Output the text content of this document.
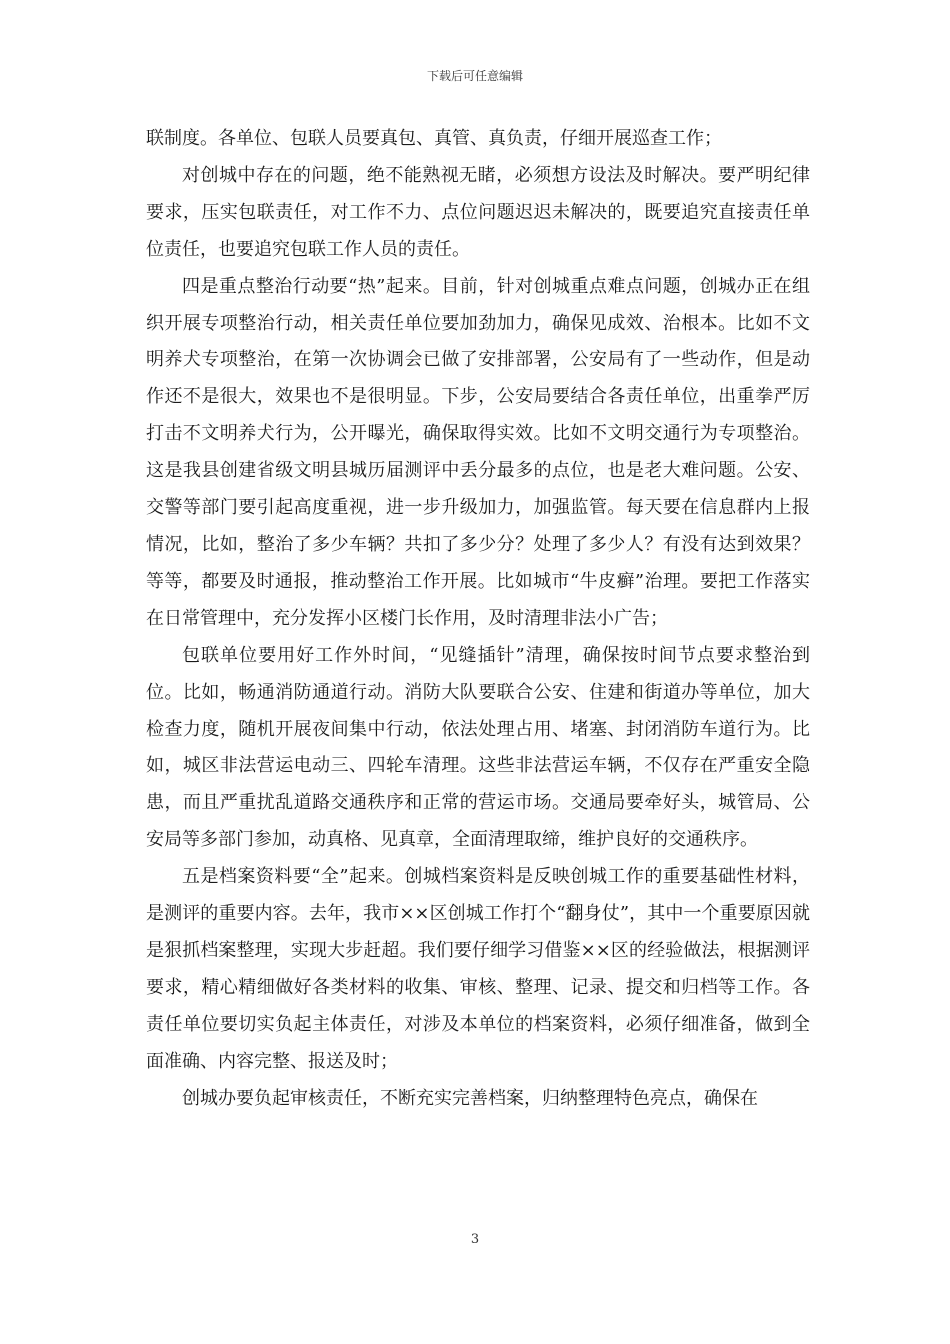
下载后可任意编辑

联制度。各单位、包联人员要真包、真管、真负责，仔细开展巡查工作；

对创城中存在的问题，绝不能熟视无睹，必须想方设法及时解决。要严明纪律要求，压实包联责任，对工作不力、点位问题迟迟未解决的，既要追究直接责任单位责任，也要追究包联工作人员的责任。

四是重点整治行动要“热”起来。目前，针对创城重点难点问题，创城办正在组织开展专项整治行动，相关责任单位要加劲加力，确保见成效、治根本。比如不文明养犬专项整治，在第一次协调会已做了安排部署，公安局有了一些动作，但是动作还不是很大，效果也不是很明显。下步，公安局要结合各责任单位，出重拳严厉打击不文明养犬行为，公开曝光，确保取得实效。比如不文明交通行为专项整治。这是我县创建省级文明县城历届测评中丢分最多的点位，也是老大难问题。公安、交警等部门要引起高度重视，进一步升级加力，加强监管。每天要在信息群内上报情况，比如，整治了多少车辆？共扣了多少分？处理了多少人？有没有达到效果？等等，都要及时通报，推动整治工作开展。比如城市“牛皮癣”治理。要把工作落实在日常管理中，充分发挥小区楼门长作用，及时清理非法小广告；

包联单位要用好工作外时间，“见缝插针”清理，确保按时间节点要求整治到位。比如，畅通消防通道行动。消防大队要联合公安、住建和街道办等单位，加大检查力度，随机开展夜间集中行动，依法处理占用、堵塞、封闭消防车道行为。比如，城区非法营运电动三、四轮车清理。这些非法营运车辆，不仅存在严重安全隐患，而且严重扰乱道路交通秩序和正常的营运市场。交通局要牵好头，城管局、公安局等多部门参加，动真格、见真章，全面清理取缔，维护良好的交通秩序。

五是档案资料要“全”起来。创城档案资料是反映创城工作的重要基础性材料，是测评的重要内容。去年，我市××区创城工作打个“翻身仗”，其中一个重要原因就是狠抓档案整理，实现大步赶超。我们要仔细学习借鉴××区的经验做法，根据测评要求，精心精细做好各类材料的收集、审核、整理、记录、提交和归档等工作。各责任单位要切实负起主体责任，对涉及本单位的档案资料，必须仔细准备，做到全面准确、内容完整、报送及时；

创城办要负起审核责任，不断充实完善档案，归纳整理特色亮点，确保在

3
